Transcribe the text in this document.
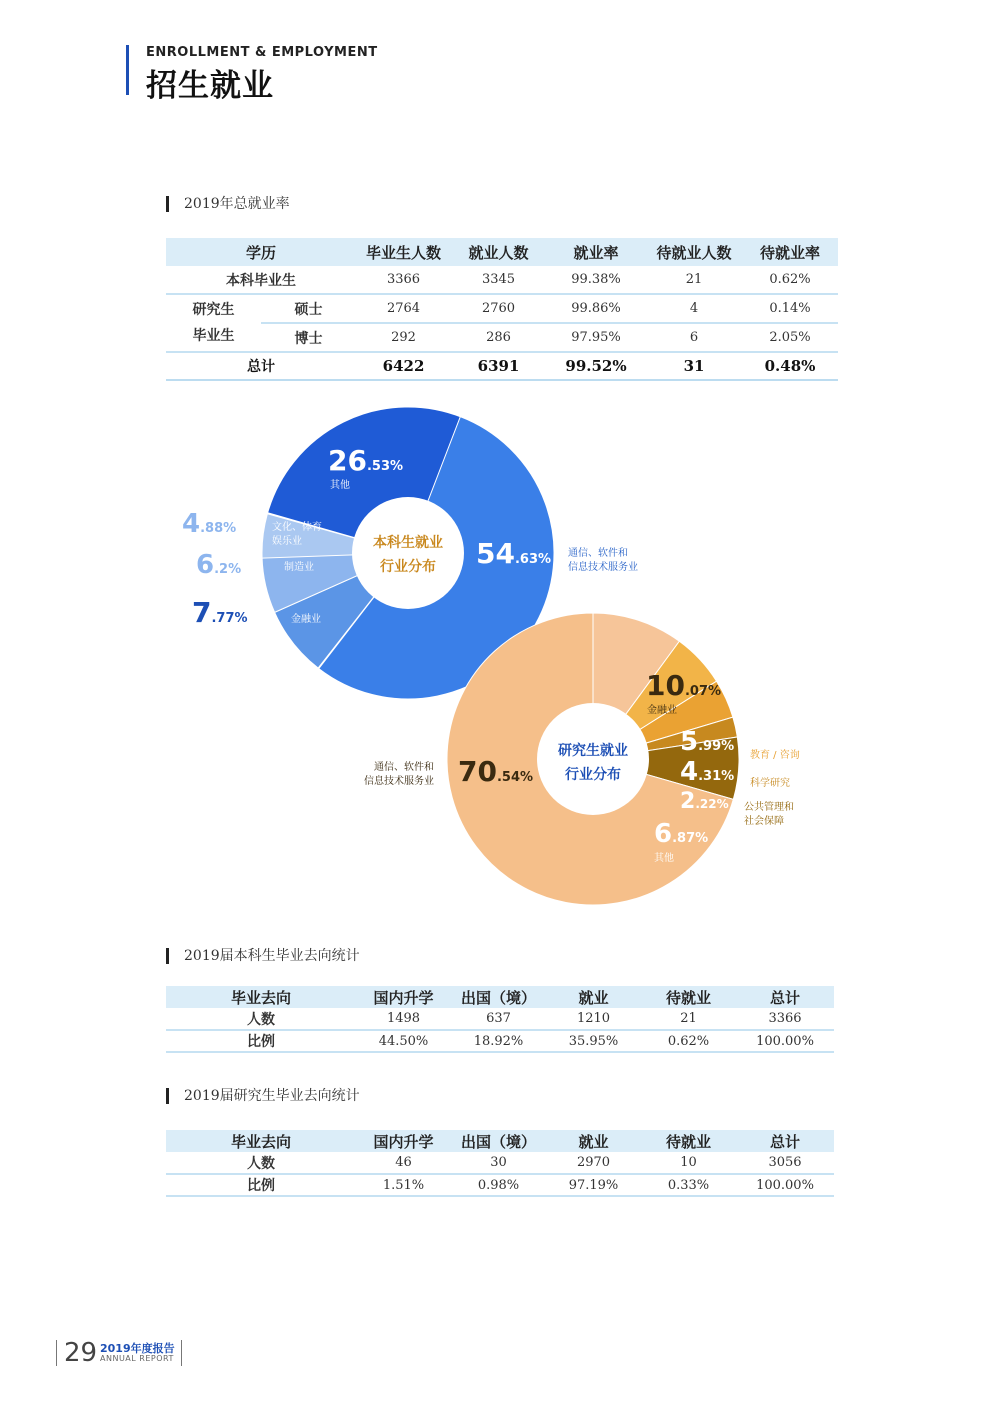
ENROLLMENT & EMPLOYMENT
招生就业
2019年总就业率
学历		毕业生人数	就业人数	就业率	待就业人数	待就业率
本科毕业生		3366	3345	99.38%	21	0.62%

研究生
毕业生	硕士	2764	2760	99.86%	4	0.14%
	博士	292	286	97.95%	6	2.05%
总计		6422	6391	99.52%	31	0.48%
本科生就业
行业分布
26.53%
其他
54.63% 通信、软件和信息技术服务业
7.77%	金融业
6.2%	制造业
4.88%	文化、体育娱乐业
研究生就业
行业分布
10.07%
金融业
5.99%
教育 / 咨询
4.31% 科学研究
2.22% 公共管理和社会保障
6.87%
其他
70.54%
通信、软件和信息技术服务业
2019届本科生毕业去向统计
毕业去向	国内升学	出国（境）	就业	待就业	总计
人数	1498	637	1210	21	3366
比例	44.50%	18.92%	35.95%	0.62%	100.00%
2019届研究生毕业去向统计
毕业去向	国内升学	出国（境）	就业	待就业	总计
人数	46	30	2970	10	3056
比例	1.51%	0.98%	97.19%	0.33%	100.00%
29 2019年度报告
ANNUAL REPORT
